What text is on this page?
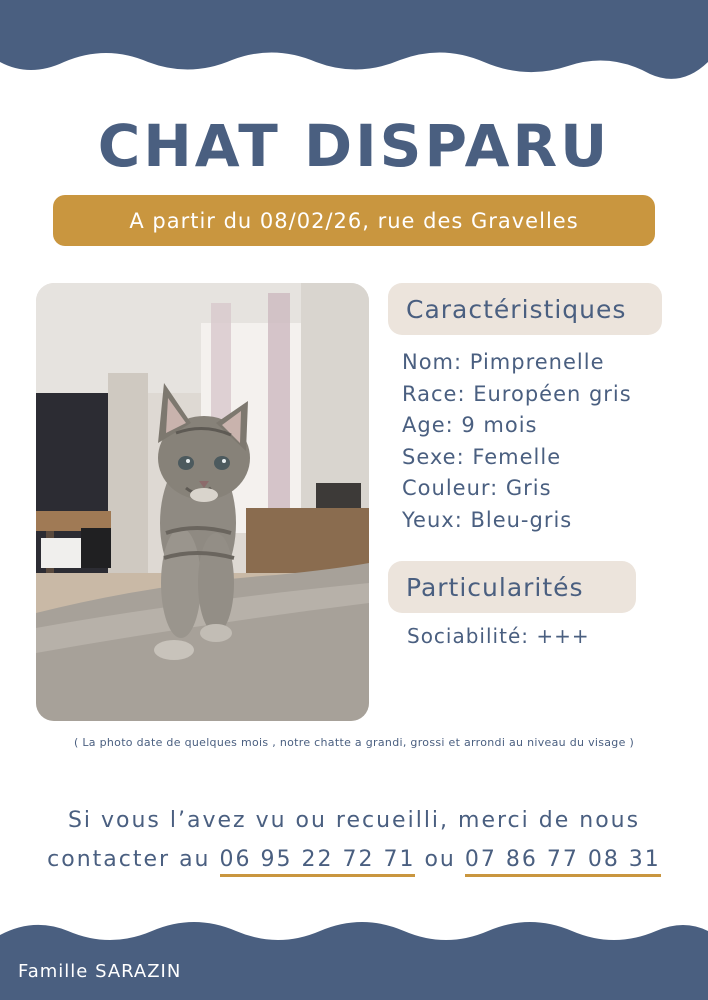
CHAT DISPARU
A partir du 08/02/26, rue des Gravelles
Caractéristiques
Nom: Pimprenelle
Race: Européen gris
Age: 9 mois
Sexe: Femelle
Couleur: Gris
Yeux: Bleu-gris
Particularités
Sociabilité: +++
( La photo date de quelques mois , notre chatte a grandi, grossi et arrondi au niveau du visage )
Si vous l’avez vu ou recueilli, merci de nous
contacter au 06 95 22 72 71 ou 07 86 77 08 31
Famille SARAZIN
